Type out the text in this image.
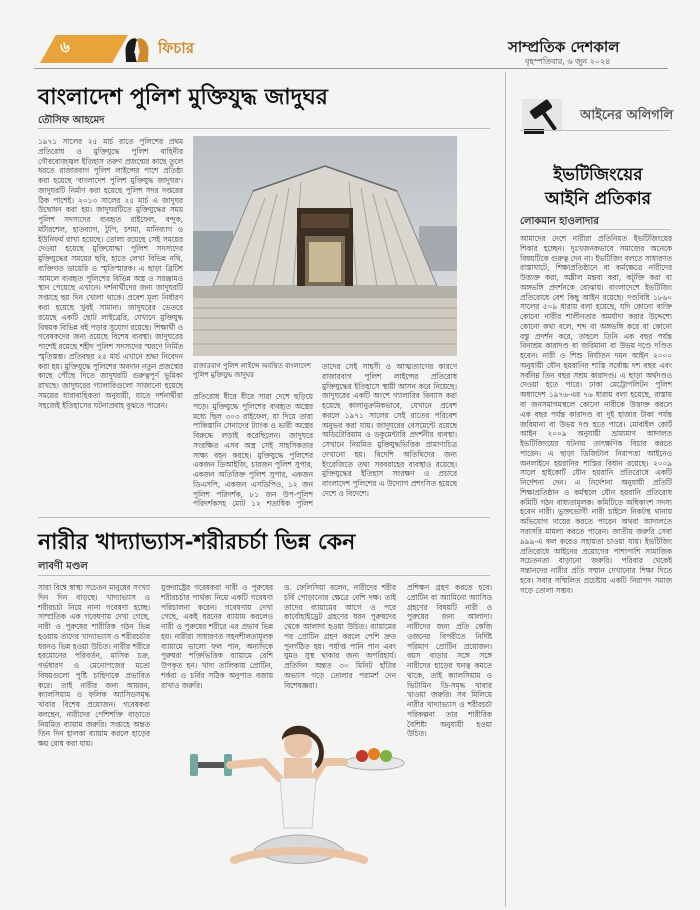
৬	ফিচার	সাম্প্রতিক দেশকাল
বৃহস্পতিবার, ৬ জুন ২০২৪
বাংলাদেশ পুলিশ মুক্তিযুদ্ধ জাদুঘর
তৌসিফ আহমেদ
১৯৭১ সালের ২৫ মার্চ রাতে পুলিশের প্রথম প্রতিরোধ ও মুক্তিযুদ্ধে পুলিশ বাহিনীর গৌরবোজ্জ্বল ইতিহাস তরুণ প্রজন্মের কাছে তুলে ধরতে রাজারবাগ পুলিশ লাইন্সের পাশে প্রতিষ্ঠা করা হয়েছে 'বাংলাদেশ পুলিশ মুক্তিযুদ্ধ জাদুঘর'। জাদুঘরটি নির্মাণ করা হয়েছে পুলিশ সদর দপ্তরের ঠিক পাশেই। ২০১৩ সালের ২৫ মার্চ এ জাদুঘর উদ্বোধন করা হয়। জাদুঘরটিতে মুক্তিযুদ্ধের সময় পুলিশ সদস্যদের ব্যবহৃত রাইফেল, বন্দুক, মর্টারশেল, হাতব্যাগ, টুপি, চশমা, মানিব্যাগ ও ইউনিফর্ম রাখা হয়েছে। তোলা রয়েছে সেই সময়ের দেওয়া হয়েছে মুক্তিযোদ্ধা পুলিশ সদস্যদের মুক্তিযুদ্ধের সময়ের ছবি, হাতে লেখা বিভিন্ন নথি, ব্যক্তিগত ডায়েরি ও স্মৃতিস্মারক। এ ছাড়া ব্রিটিশ আমলে ব্যবহৃত পুলিশের বিভিন্ন অস্ত্র ও সরঞ্জামও স্থান পেয়েছে এখানে। দর্শনার্থীদের জন্য জাদুঘরটি সপ্তাহে ছয় দিন খোলা থাকে। প্রবেশ মূল্য নির্ধারণ করা হয়েছে খুবই সামান্য। জাদুঘরের ভেতরে রয়েছে একটি ছোট লাইব্রেরি, যেখানে মুক্তিযুদ্ধ বিষয়ক বিভিন্ন বই পড়ার সুযোগ রয়েছে। শিক্ষার্থী ও গবেষকদের জন্য রয়েছে বিশেষ ব্যবস্থা। জাদুঘরের পাশেই রয়েছে শহীদ পুলিশ সদস্যদের স্মরণে নির্মিত স্মৃতিস্তম্ভ। প্রতিবছর ২৫ মার্চ এখানে শ্রদ্ধা নিবেদন করা হয়। মুক্তিযুদ্ধে পুলিশের অবদান নতুন প্রজন্মের কাছে পৌঁছে দিতে জাদুঘরটি গুরুত্বপূর্ণ ভূমিকা রাখছে। জাদুঘরের গ্যালারিগুলো সাজানো হয়েছে সময়ের ধারাবাহিকতা অনুযায়ী, যাতে দর্শনার্থীরা সহজেই ইতিহাসের ঘটনাপ্রবাহ বুঝতে পারেন।
রাজারবাগ পুলিশ লাইন্সে অবস্থিত বাংলাদেশ পুলিশ মুক্তিযুদ্ধ জাদুঘর
প্রতিরোধ ধীরে ধীরে সারা দেশে ছড়িয়ে পড়ে। মুক্তিযুদ্ধে পুলিশের ব্যবহৃত অস্ত্রের মধ্যে ছিল ৩০৩ রাইফেল, যা দিয়ে তারা পাকিস্তানি সেনাদের ট্যাংক ও ভারী অস্ত্রের বিরুদ্ধে লড়াই করেছিলেন। জাদুঘরে সংরক্ষিত এসব অস্ত্র সেই সাহসিকতার সাক্ষ্য বহন করছে। মুক্তিযুদ্ধে পুলিশের একজন ডিআইজি, চারজন পুলিশ সুপার, একজন অতিরিক্ত পুলিশ সুপার, একজন ডিএসপি, একজন এসডিপিও, ১২ জন পুলিশ পরিদর্শক, ৮১ জন উপ-পুলিশ পরিদর্শকসহ মোট ১২ শতাধিক পুলিশ
তাদের সেই সাহসী ও আত্মত্যাগের কারণে রাজারবাগ পুলিশ লাইন্সের প্রতিরোধ মুক্তিযুদ্ধের ইতিহাসে স্থায়ী আসন করে নিয়েছে। জাদুঘরের একটি অংশে গ্যালারির বিন্যাস করা হয়েছে কালানুক্রমিকভাবে, যেখানে প্রবেশ করলে ১৯৭১ সালের সেই রাতের পরিবেশ অনুভব করা যায়। জাদুঘরের বেসমেন্টে রয়েছে অডিটোরিয়াম ও ডকুমেন্টারি প্রদর্শনীর ব্যবস্থা। সেখানে নিয়মিত মুক্তিযুদ্ধভিত্তিক প্রামাণ্যচিত্র দেখানো হয়। বিদেশি অতিথিদের জন্য ইংরেজিতে তথ্য সরবরাহের ব্যবস্থাও রয়েছে। মুক্তিযুদ্ধের ইতিহাস সংরক্ষণ ও প্রচারে বাংলাদেশ পুলিশের এ উদ্যোগ প্রশংসিত হয়েছে দেশে ও বিদেশে।
নারীর খাদ্যাভ্যাস-শরীরচর্চা ভিন্ন কেন
লাবণী মণ্ডল
সারা বিশ্বে স্বাস্থ্য সচেতন মানুষের সংখ্যা দিন দিন বাড়ছে। খাদ্যাভ্যাস ও শরীরচর্চা নিয়ে নানা গবেষণা হচ্ছে। সাম্প্রতিক এক গবেষণায় দেখা গেছে, নারী ও পুরুষের শারীরিক গঠন ভিন্ন হওয়ায় তাদের খাদ্যাভ্যাস ও শরীরচর্চার ধরনও ভিন্ন হওয়া উচিত। নারীর শরীরে হরমোনের পরিবর্তন, মাসিক চক্র, গর্ভধারণ ও মেনোপজের মতো বিষয়গুলো পুষ্টি চাহিদাকে প্রভাবিত করে। তাই নারীর জন্য আয়রন, ক্যালসিয়াম ও ফলিক অ্যাসিডসমৃদ্ধ খাবার বিশেষ প্রয়োজন। গবেষকরা বলছেন, নারীদের পেশিশক্তি বাড়াতে নিয়মিত ব্যায়াম জরুরি। সপ্তাহে অন্তত তিন দিন হালকা ব্যায়াম করলে হাড়ের ক্ষয় রোধ করা যায়।
যুক্তরাষ্ট্রের গবেষকরা নারী ও পুরুষের শরীরচর্চার পার্থক্য নিয়ে একটি গবেষণা পরিচালনা করেন। গবেষণায় দেখা গেছে, একই ধরনের ব্যায়াম করলেও নারী ও পুরুষের শরীরে এর প্রভাব ভিন্ন হয়। নারীরা সাধারণত সহনশীলতামূলক ব্যায়ামে ভালো ফল পান, অন্যদিকে পুরুষরা শক্তিভিত্তিক ব্যায়ামে বেশি উপকৃত হন। খাদ্য তালিকায় প্রোটিন, শর্করা ও চর্বির সঠিক অনুপাত বজায় রাখাও জরুরি।
ড. ফেলিসিয়া বলেন, নারীদের শরীর চর্বি পোড়ানোর ক্ষেত্রে বেশি দক্ষ। তাই তাদের ব্যায়ামের আগে ও পরে কার্বোহাইড্রেট গ্রহণের ধরন পুরুষদের থেকে আলাদা হওয়া উচিত। ব্যায়ামের পর প্রোটিন গ্রহণ করলে পেশি দ্রুত পুনর্গঠিত হয়। পর্যাপ্ত পানি পান এবং ঘুমও সুস্থ থাকার জন্য অপরিহার্য। প্রতিদিন অন্তত ৩০ মিনিট হাঁটার অভ্যাস গড়ে তোলার পরামর্শ দেন বিশেষজ্ঞরা।
প্রশিক্ষণ গ্রহণ করতে হবে। প্রোটিন বা অ্যামিনো অ্যাসিড গ্রহণের বিষয়টি নারী ও পুরুষের জন্য আলাদা। নারীদের জন্য প্রতি কেজি ওজনের বিপরীতে নির্দিষ্ট পরিমাণ প্রোটিন প্রয়োজন। বয়স বাড়ার সঙ্গে সঙ্গে নারীদের হাড়ের ঘনত্ব কমতে থাকে, তাই ক্যালসিয়াম ও ভিটামিন ডি-সমৃদ্ধ খাবার খাওয়া জরুরি। সব মিলিয়ে নারীর খাদ্যাভ্যাস ও শরীরচর্চা পরিকল্পনা তার শারীরিক বৈশিষ্ট্য অনুযায়ী হওয়া উচিত।
আইনের অলিগলি
ইভটিজিংয়ের
আইনি প্রতিকার
লোকমান হাওলাদার
আমাদের দেশে নারীরা প্রতিনিয়ত ইভটিজিংয়ের শিকার হচ্ছেন। দুঃখজনকভাবে সমাজের অনেকে বিষয়টিকে গুরুত্ব দেন না। ইভটিজিং বলতে সাধারণত রাস্তাঘাটে, শিক্ষাপ্রতিষ্ঠানে বা কর্মক্ষেত্রে নারীদের উত্ত্যক্ত করা, অশ্লীল মন্তব্য করা, কটূক্তি করা বা অঙ্গভঙ্গি প্রদর্শনকে বোঝায়। বাংলাদেশে ইভটিজিং প্রতিরোধে বেশ কিছু আইন রয়েছে। দণ্ডবিধি ১৮৬০ সালের ৫০৯ ধারায় বলা হয়েছে, যদি কোনো ব্যক্তি কোনো নারীর শালীনতার অমর্যাদা করার উদ্দেশ্যে কোনো কথা বলে, শব্দ বা অঙ্গভঙ্গি করে বা কোনো বস্তু প্রদর্শন করে, তাহলে তিনি এক বছর পর্যন্ত বিনাশ্রম কারাদণ্ড বা জরিমানা বা উভয় দণ্ডে দণ্ডিত হবেন। নারী ও শিশু নির্যাতন দমন আইন ২০০০ অনুযায়ী যৌন হয়রানির শাস্তি সর্বোচ্চ দশ বছর এবং সর্বনিম্ন তিন বছর সশ্রম কারাদণ্ড। এ ছাড়া অর্থদণ্ডও দেওয়া হতে পারে। ঢাকা মেট্রোপলিটন পুলিশ অধ্যাদেশ ১৯৭৬-এর ৭৬ ধারায় বলা হয়েছে, রাস্তায় বা জনসমাগমস্থলে কোনো নারীকে উত্ত্যক্ত করলে এক বছর পর্যন্ত কারাদণ্ড বা দুই হাজার টাকা পর্যন্ত জরিমানা বা উভয় দণ্ড হতে পারে। মোবাইল কোর্ট আইন ২০০৯ অনুযায়ী ভ্রাম্যমাণ আদালত ইভটিজিংয়ের ঘটনায় তাৎক্ষণিক বিচার করতে পারেন। এ ছাড়া ডিজিটাল নিরাপত্তা আইনেও অনলাইনে হয়রানির শাস্তির বিধান রয়েছে। ২০০৯ সালে হাইকোর্ট যৌন হয়রানি প্রতিরোধে একটি নির্দেশনা দেন। এ নির্দেশনা অনুযায়ী প্রতিটি শিক্ষাপ্রতিষ্ঠান ও কর্মস্থলে যৌন হয়রানি প্রতিরোধ কমিটি গঠন বাধ্যতামূলক। কমিটিতে অধিকাংশ সদস্য হবেন নারী। ভুক্তভোগী নারী চাইলে নিকটস্থ থানায় অভিযোগ দায়ের করতে পারেন অথবা আদালতে সরাসরি মামলা করতে পারেন। জাতীয় জরুরি সেবা ৯৯৯-এ কল করেও সহায়তা চাওয়া যায়। ইভটিজিং প্রতিরোধে আইনের প্রয়োগের পাশাপাশি সামাজিক সচেতনতা বাড়ানো জরুরি। পরিবার থেকেই সন্তানদের নারীর প্রতি সম্মান দেখানোর শিক্ষা দিতে হবে। সবার সম্মিলিত প্রচেষ্টায় একটি নিরাপদ সমাজ গড়ে তোলা সম্ভব।
